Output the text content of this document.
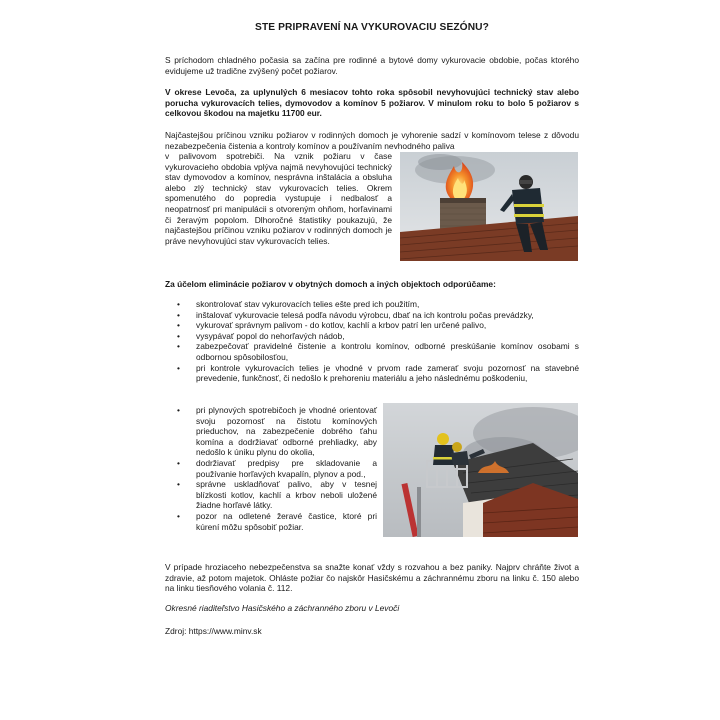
STE PRIPRAVENÍ NA VYKUROVACIU SEZÓNU?

S príchodom chladného počasia sa začína pre rodinné a bytové domy vykurovacie obdobie, počas ktorého evidujeme už tradične zvýšený počet požiarov.

V okrese Levoča, za uplynulých 6 mesiacov tohto roka spôsobil nevyhovujúci technický stav alebo porucha vykurovacích telies, dymovodov a komínov 5 požiarov. V minulom roku to bolo 5 požiarov s celkovou škodou na majetku 11700 eur.

Najčastejšou príčinou vzniku požiarov v rodinných domoch je vyhorenie sadzí v komínovom telese z dôvodu nezabezpečenia čistenia a kontroly komínov a používaním nevhodného paliva

v palivovom spotrebiči. Na vznik požiaru v čase vykurovacieho obdobia vplýva najmä nevyhovujúci technický stav dymovodov a komínov, nesprávna inštalácia a obsluha alebo zlý technický stav vykurovacích telies. Okrem spomenutého do popredia vystupuje i nedbalosť a neopatrnosť pri manipulácii s otvoreným ohňom, horľavinami či žeravým popolom. Dlhoročné štatistiky poukazujú, že najčastejšou príčinou vzniku požiarov v rodinných domoch je práve nevyhovujúci stav vykurovacích telies.

Za účelom eliminácie požiarov v obytných domoch a iných objektoch odporúčame:

• skontrolovať stav vykurovacích telies ešte pred ich použitím,
• inštalovať vykurovacie telesá podľa návodu výrobcu, dbať na ich kontrolu počas prevádzky,
• vykurovať správnym palivom - do kotlov, kachlí a krbov patrí len určené palivo,
• vysypávať popol do nehorľavých nádob,
• zabezpečovať pravidelné čistenie a kontrolu komínov, odborné preskúšanie komínov osobami s odbornou spôsobilosťou,
• pri kontrole vykurovacích telies je vhodné v prvom rade zamerať svoju pozornosť na stavebné prevedenie, funkčnosť, či nedošlo k prehoreniu materiálu a jeho následnému poškodeniu,
• pri plynových spotrebičoch je vhodné orientovať svoju pozornosť na čistotu komínových prieduchov, na zabezpečenie dobrého ťahu komína a dodržiavať odborné prehliadky, aby nedošlo k úniku plynu do okolia,
• dodržiavať predpisy pre skladovanie a používanie horľavých kvapalín, plynov a pod.,
• správne uskladňovať palivo, aby v tesnej blízkosti kotlov, kachlí a krbov neboli uložené žiadne horľavé látky.
• pozor na odletené žeravé častice, ktoré pri kúrení môžu spôsobiť požiar.

V prípade hroziaceho nebezpečenstva sa snažte konať vždy s rozvahou a bez paniky. Najprv chráňte život a zdravie, až potom majetok. Ohláste požiar čo najskôr Hasičskému a záchrannému zboru na linku č. 150 alebo na linku tiesňového volania č. 112.

Okresné riaditeľstvo Hasičského a záchranného zboru v Levoči

Zdroj: https://www.minv.sk
